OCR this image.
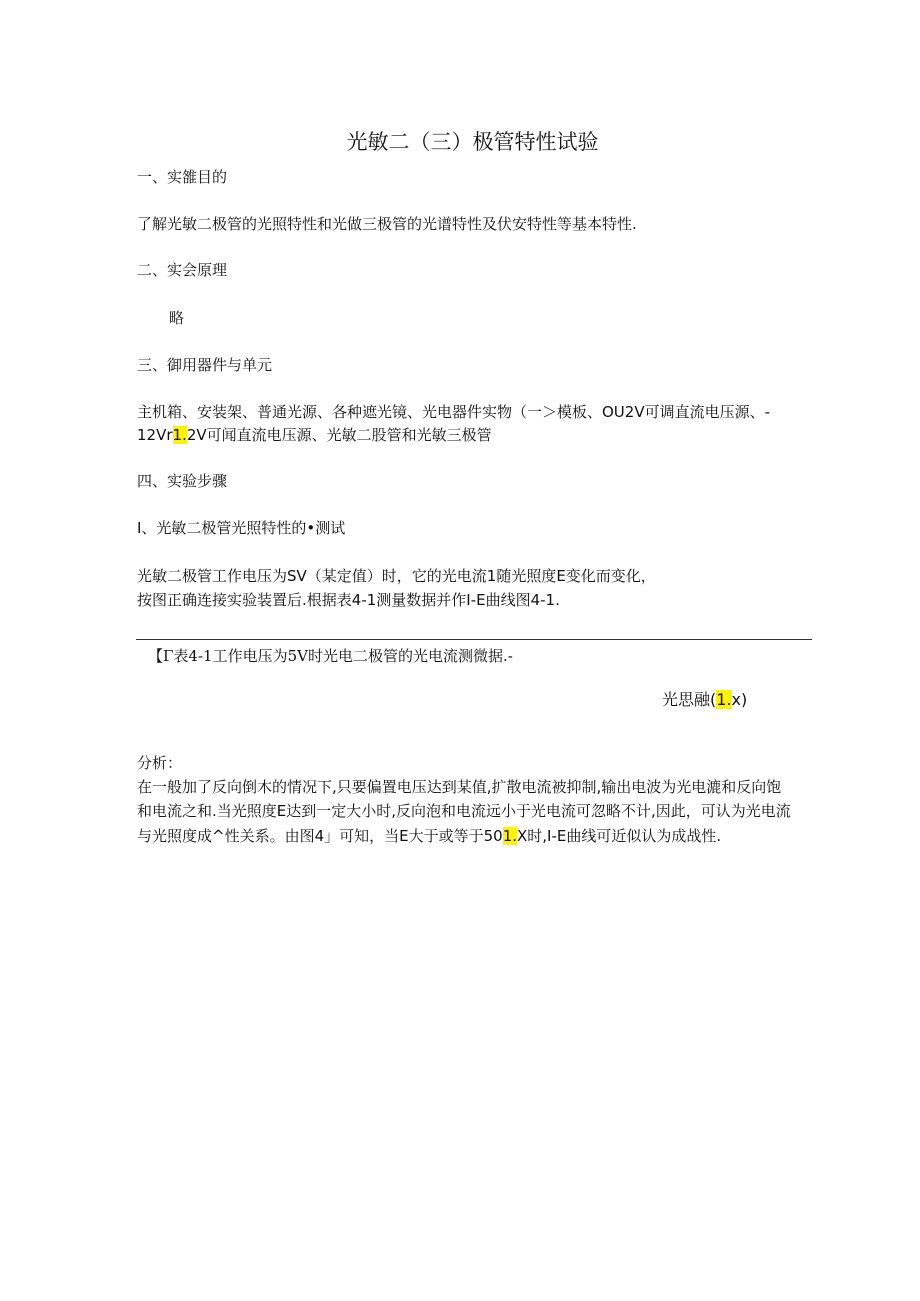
光敏二（三）极管特性试验
一、实雒目的
了解光敏二极管的光照特性和光做三极管的光谱特性及伏安特性等基本特性.
二、实会原理
略
三、御用器件与单元
主机箱、安装架、普通光源、各种遮光镜、光电器件实物（一＞模板、OU2V可调直流电压源、-
12Vr1.2V可闻直流电压源、光敏二股管和光敏三极管
四、实验步骤
I、光敏二极管光照特性的•测试
光敏二极管工作电压为SV（某定值）时，它的光电流1随光照度E变化而变化，
按图正确连接实验装置后.根据表4-1测量数据并作I-E曲线图4-1.
【Γ表4-1工作电压为5V时光电二极管的光电流测微据.-
光思融(1.x)
分析：
在一般加了反向倒木的情况下,只要偏置电压达到某值,扩散电流被抑制,输出电波为光电漉和反向饱
和电流之和.当光照度E达到一定大小时,反向泡和电流远小于光电流可忽略不计,因此，可认为光电流
与光照度成^性关系。由图4」可知，当E大于或等于501.X时,I-E曲线可近似认为成战性.
